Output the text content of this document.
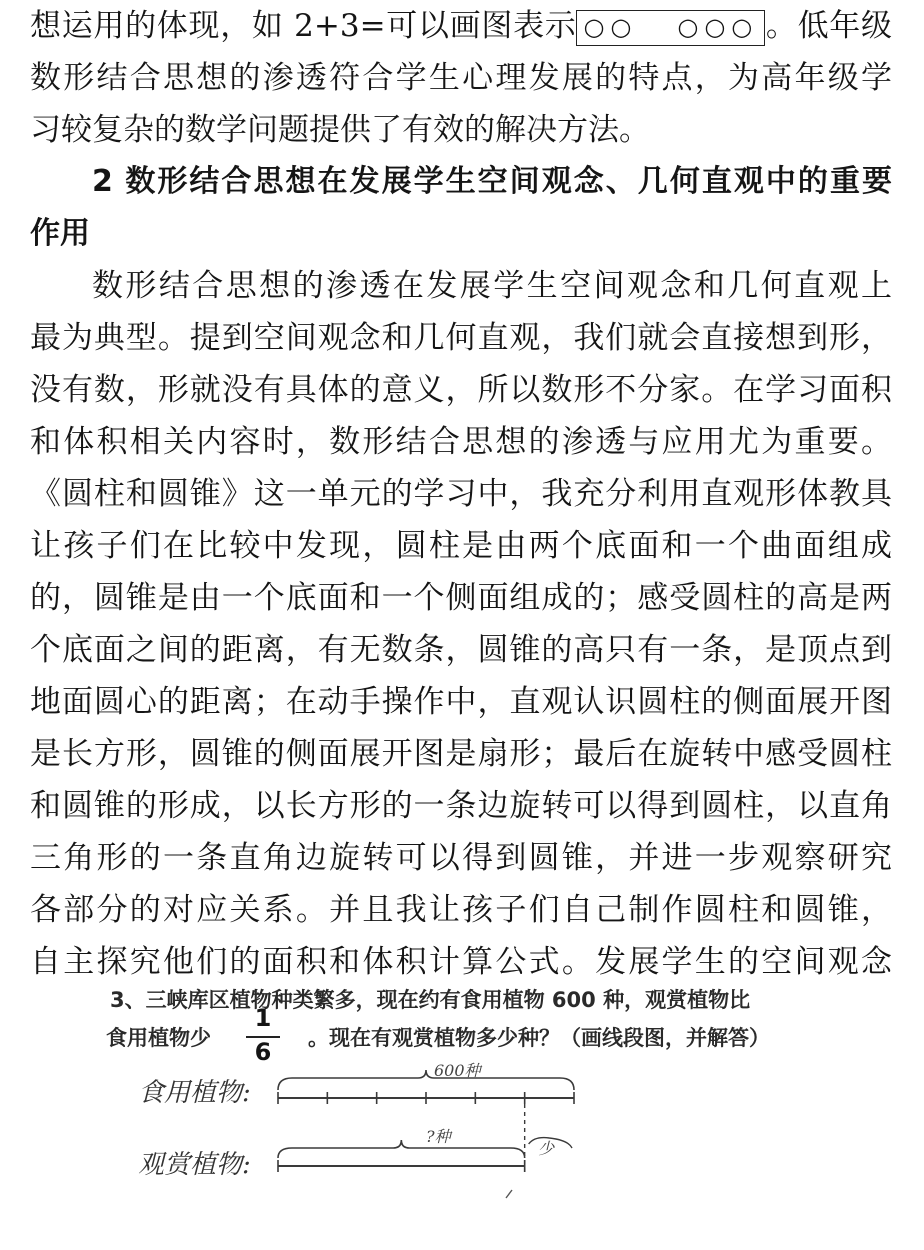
想运用的体现，如 2+3=可以画图表示 ○○ ○○○ 。低年级
数形结合思想的渗透符合学生心理发展的特点，为高年级学
习较复杂的数学问题提供了有效的解决方法。
2 数形结合思想在发展学生空间观念、几何直观中的重要
作用
数形结合思想的渗透在发展学生空间观念和几何直观上
最为典型。提到空间观念和几何直观，我们就会直接想到形，
没有数，形就没有具体的意义，所以数形不分家。在学习面积
和体积相关内容时，数形结合思想的渗透与应用尤为重要。
《圆柱和圆锥》这一单元的学习中，我充分利用直观形体教具
让孩子们在比较中发现，圆柱是由两个底面和一个曲面组成
的，圆锥是由一个底面和一个侧面组成的；感受圆柱的高是两
个底面之间的距离，有无数条，圆锥的高只有一条，是顶点到
地面圆心的距离；在动手操作中，直观认识圆柱的侧面展开图
是长方形，圆锥的侧面展开图是扇形；最后在旋转中感受圆柱
和圆锥的形成，以长方形的一条边旋转可以得到圆柱，以直角
三角形的一条直角边旋转可以得到圆锥，并进一步观察研究
各部分的对应关系。并且我让孩子们自己制作圆柱和圆锥，
自主探究他们的面积和体积计算公式。发展学生的空间观念
3、三峡库区植物种类繁多，现在约有食用植物 600 种，观赏植物比
食用植物少
1
6	。现在有观赏植物多少种？（画线段图，并解答）
食用植物:
观赏植物:
600种
?种
少
